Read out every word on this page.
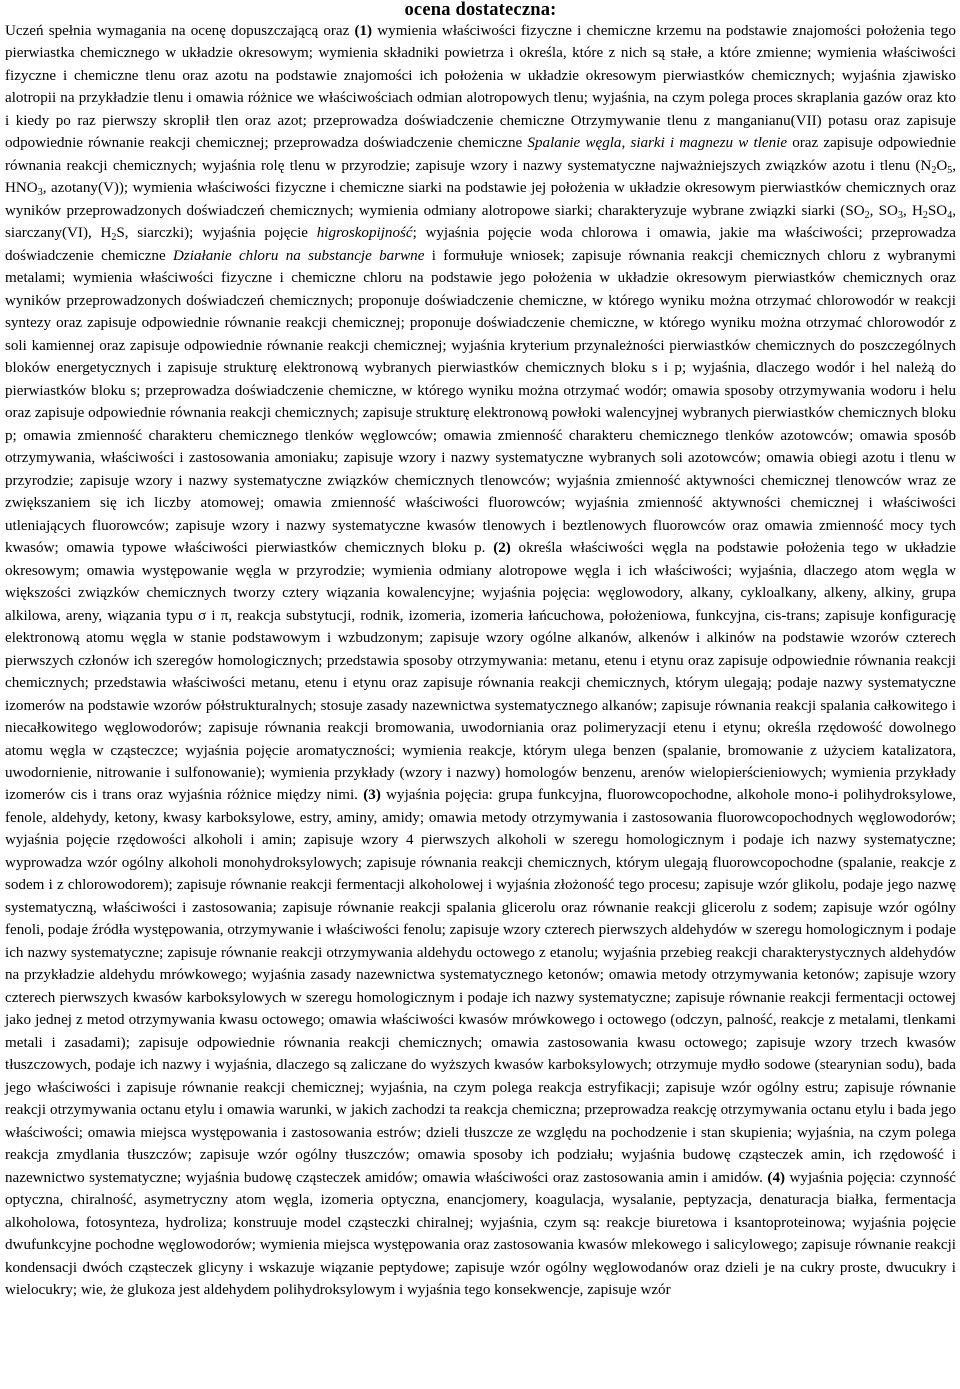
ocena dostateczna:

Uczeń spełnia wymagania na ocenę dopuszczającą oraz (1) wymienia właściwości fizyczne i chemiczne krzemu na podstawie znajomości położenia tego pierwiastka chemicznego w układzie okresowym; wymienia składniki powietrza i określa, które z nich są stałe, a które zmienne; wymienia właściwości fizyczne i chemiczne tlenu oraz azotu na podstawie znajomości ich położenia w układzie okresowym pierwiastków chemicznych; wyjaśnia zjawisko alotropii na przykładzie tlenu i omawia różnice we właściwościach odmian alotropowych tlenu; wyjaśnia, na czym polega proces skraplania gazów oraz kto i kiedy po raz pierwszy skroplił tlen oraz azot; przeprowadza doświadczenie chemiczne Otrzymywanie tlenu z manganianu(VII) potasu oraz zapisuje odpowiednie równanie reakcji chemicznej; przeprowadza doświadczenie chemiczne Spalanie węgla, siarki i magnezu w tlenie oraz zapisuje odpowiednie równania reakcji chemicznych; wyjaśnia rolę tlenu w przyrodzie; zapisuje wzory i nazwy systematyczne najważniejszych związków azotu i tlenu ($N_2O_5$, $HNO_3$, azotany(V)); wymienia właściwości fizyczne i chemiczne siarki na podstawie jej położenia w układzie okresowym pierwiastków chemicznych oraz wyników przeprowadzonych doświadczeń chemicznych; wymienia odmiany alotropowe siarki; charakteryzuje wybrane związki siarki ($SO_2$, $SO_3$, $H_2SO_4$, siarczany(VI), $H_2S$, siarczki); wyjaśnia pojęcie higroskopijność; wyjaśnia pojęcie woda chlorowa i omawia, jakie ma właściwości; przeprowadza doświadczenie chemiczne Działanie chloru na substancje barwne i formułuje wniosek; zapisuje równania reakcji chemicznych chloru z wybranymi metalami; wymienia właściwości fizyczne i chemiczne chloru na podstawie jego położenia w układzie okresowym pierwiastków chemicznych oraz wyników przeprowadzonych doświadczeń chemicznych; proponuje doświadczenie chemiczne, w którego wyniku można otrzymać chlorowodór w reakcji syntezy oraz zapisuje odpowiednie równanie reakcji chemicznej; proponuje doświadczenie chemiczne, w którego wyniku można otrzymać chlorowodór z soli kamiennej oraz zapisuje odpowiednie równanie reakcji chemicznej; wyjaśnia kryterium przynależności pierwiastków chemicznych do poszczególnych bloków energetycznych i zapisuje strukturę elektronową wybranych pierwiastków chemicznych bloku s i p; wyjaśnia, dlaczego wodór i hel należą do pierwiastków bloku s; przeprowadza doświadczenie chemiczne, w którego wyniku można otrzymać wodór; omawia sposoby otrzymywania wodoru i helu oraz zapisuje odpowiednie równania reakcji chemicznych; zapisuje strukturę elektronową powłoki walencyjnej wybranych pierwiastków chemicznych bloku p; omawia zmienność charakteru chemicznego tlenków węglowców; omawia zmienność charakteru chemicznego tlenków azotowców; omawia sposób otrzymywania, właściwości i zastosowania amoniaku; zapisuje wzory i nazwy systematyczne wybranych soli azotowców; omawia obiegi azotu i tlenu w przyrodzie; zapisuje wzory i nazwy systematyczne związków chemicznych tlenowców; wyjaśnia zmienność aktywności chemicznej tlenowców wraz ze zwiększaniem się ich liczby atomowej; omawia zmienność właściwości fluorowców; wyjaśnia zmienność aktywności chemicznej i właściwości utleniających fluorowców; zapisuje wzory i nazwy systematyczne kwasów tlenowych i beztlenowych fluorowców oraz omawia zmienność mocy tych kwasów; omawia typowe właściwości pierwiastków chemicznych bloku p. (2) określa właściwości węgla na podstawie położenia tego w układzie okresowym; omawia występowanie węgla w przyrodzie; wymienia odmiany alotropowe węgla i ich właściwości; wyjaśnia, dlaczego atom węgla w większości związków chemicznych tworzy cztery wiązania kowalencyjne; wyjaśnia pojęcia: węglowodory, alkany, cykloalkany, alkeny, alkiny, grupa alkilowa, areny, wiązania typu σ i π, reakcja substytucji, rodnik, izomeria, izomeria łańcuchowa, położeniowa, funkcyjna, cis-trans; zapisuje konfigurację elektronową atomu węgla w stanie podstawowym i wzbudzonym; zapisuje wzory ogólne alkanów, alkenów i alkinów na podstawie wzorów czterech pierwszych członów ich szeregów homologicznych; przedstawia sposoby otrzymywania: metanu, etenu i etynu oraz zapisuje odpowiednie równania reakcji chemicznych; przedstawia właściwości metanu, etenu i etynu oraz zapisuje równania reakcji chemicznych, którym ulegają; podaje nazwy systematyczne izomerów na podstawie wzorów półstrukturalnych; stosuje zasady nazewnictwa systematycznego alkanów; zapisuje równania reakcji spalania całkowitego i niecałkowitego węglowodorów; zapisuje równania reakcji bromowania, uwodorniania oraz polimeryzacji etenu i etynu; określa rzędowość dowolnego atomu węgla w cząsteczce; wyjaśnia pojęcie aromatyczności; wymienia reakcje, którym ulega benzen (spalanie, bromowanie z użyciem katalizatora, uwodornienie, nitrowanie i sulfonowanie); wymienia przykłady (wzory i nazwy) homologów benzenu, arenów wielopierścieniowych; wymienia przykłady izomerów cis i trans oraz wyjaśnia różnice między nimi. (3) wyjaśnia pojęcia: grupa funkcyjna, fluorowcopochodne, alkohole mono-i polihydroksylowe, fenole, aldehydy, ketony, kwasy karboksylowe, estry, aminy, amidy; omawia metody otrzymywania i zastosowania fluorowcopochodnych węglowodorów; wyjaśnia pojęcie rzędowości alkoholi i amin; zapisuje wzory 4 pierwszych alkoholi w szeregu homologicznym i podaje ich nazwy systematyczne; wyprowadza wzór ogólny alkoholi monohydroksylowych; zapisuje równania reakcji chemicznych, którym ulegają fluorowcopochodne (spalanie, reakcje z sodem i z chlorowodorem); zapisuje równanie reakcji fermentacji alkoholowej i wyjaśnia złożoność tego procesu; zapisuje wzór glikolu, podaje jego nazwę systematyczną, właściwości i zastosowania; zapisuje równanie reakcji spalania glicerolu oraz równanie reakcji glicerolu z sodem; zapisuje wzór ogólny fenoli, podaje źródła występowania, otrzymywanie i właściwości fenolu; zapisuje wzory czterech pierwszych aldehydów w szeregu homologicznym i podaje ich nazwy systematyczne; zapisuje równanie reakcji otrzymywania aldehydu octowego z etanolu; wyjaśnia przebieg reakcji charakterystycznych aldehydów na przykładzie aldehydu mrówkowego; wyjaśnia zasady nazewnictwa systematycznego ketonów; omawia metody otrzymywania ketonów; zapisuje wzory czterech pierwszych kwasów karboksylowych w szeregu homologicznym i podaje ich nazwy systematyczne; zapisuje równanie reakcji fermentacji octowej jako jednej z metod otrzymywania kwasu octowego; omawia właściwości kwasów mrówkowego i octowego (odczyn, palność, reakcje z metalami, tlenkami metali i zasadami); zapisuje odpowiednie równania reakcji chemicznych; omawia zastosowania kwasu octowego; zapisuje wzory trzech kwasów tłuszczowych, podaje ich nazwy i wyjaśnia, dlaczego są zaliczane do wyższych kwasów karboksylowych; otrzymuje mydło sodowe (stearynian sodu), bada jego właściwości i zapisuje równanie reakcji chemicznej; wyjaśnia, na czym polega reakcja estryfikacji; zapisuje wzór ogólny estru; zapisuje równanie reakcji otrzymywania octanu etylu i omawia warunki, w jakich zachodzi ta reakcja chemiczna; przeprowadza reakcję otrzymywania octanu etylu i bada jego właściwości; omawia miejsca występowania i zastosowania estrów; dzieli tłuszcze ze względu na pochodzenie i stan skupienia; wyjaśnia, na czym polega reakcja zmydlania tłuszczów; zapisuje wzór ogólny tłuszczów; omawia sposoby ich podziału; wyjaśnia budowę cząsteczek amin, ich rzędowość i nazewnictwo systematyczne; wyjaśnia budowę cząsteczek amidów; omawia właściwości oraz zastosowania amin i amidów. (4) wyjaśnia pojęcia: czynność optyczna, chiralność, asymetryczny atom węgla, izomeria optyczna, enancjomery, koagulacja, wysalanie, peptyzacja, denaturacja białka, fermentacja alkoholowa, fotosynteza, hydroliza; konstruuje model cząsteczki chiralnej; wyjaśnia, czym są: reakcje biuretowa i ksantoproteinowa; wyjaśnia pojęcie dwufunkcyjne pochodne węglowodorów; wymienia miejsca występowania oraz zastosowania kwasów mlekowego i salicylowego; zapisuje równanie reakcji kondensacji dwóch cząsteczek glicyny i wskazuje wiązanie peptydowe; zapisuje wzór ogólny węglowodanów oraz dzieli je na cukry proste, dwucukry i wielocukry; wie, że glukoza jest aldehydem polihydroksylowym i wyjaśnia tego konsekwencje, zapisuje wzór
